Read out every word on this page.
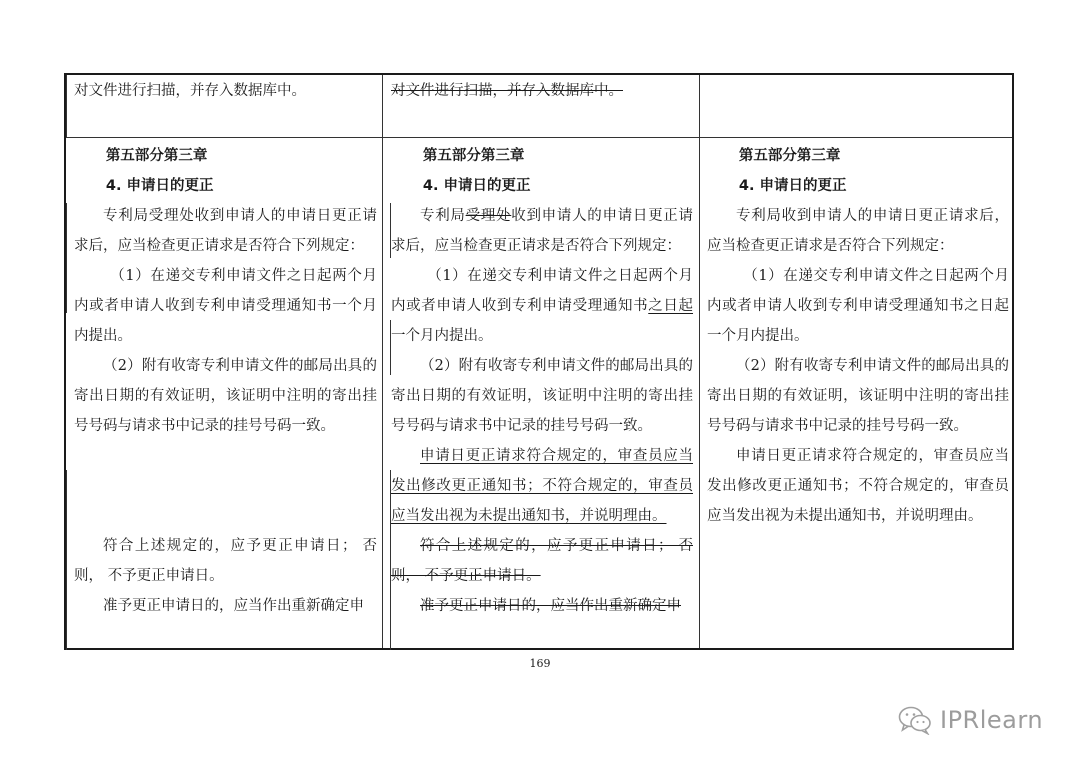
对文件进行扫描，并存入数据库中。	对文件进行扫描，并存入数据库中。

第五部分第三章

4. 申请日的更正

专利局受理处收到申请人的申请日更正请求后，应当检查更正请求是否符合下列规定：

（1）在递交专利申请文件之日起两个月内或者申请人收到专利申请受理通知书一个月内提出。

（2）附有收寄专利申请文件的邮局出具的寄出日期的有效证明，该证明中注明的寄出挂号号码与请求书中记录的挂号号码一致。

符合上述规定的，应予更正申请日； 否则， 不予更正申请日。

准予更正申请日的，应当作出重新确定申

第五部分第三章

4. 申请日的更正

专利局受理处收到申请人的申请日更正请求后，应当检查更正请求是否符合下列规定：

（1）在递交专利申请文件之日起两个月内或者申请人收到专利申请受理通知书之日起一个月内提出。

（2）附有收寄专利申请文件的邮局出具的寄出日期的有效证明，该证明中注明的寄出挂号号码与请求书中记录的挂号号码一致。

申请日更正请求符合规定的，审查员应当发出修改更正通知书；不符合规定的，审查员应当发出视为未提出通知书，并说明理由。

符合上述规定的，应予更正申请日； 否则， 不予更正申请日。

准予更正申请日的，应当作出重新确定申

第五部分第三章

4. 申请日的更正

专利局收到申请人的申请日更正请求后，应当检查更正请求是否符合下列规定：

（1）在递交专利申请文件之日起两个月内或者申请人收到专利申请受理通知书之日起一个月内提出。

（2）附有收寄专利申请文件的邮局出具的寄出日期的有效证明，该证明中注明的寄出挂号号码与请求书中记录的挂号号码一致。

申请日更正请求符合规定的，审查员应当发出修改更正通知书；不符合规定的，审查员应当发出视为未提出通知书，并说明理由。

169
IPRlearn
